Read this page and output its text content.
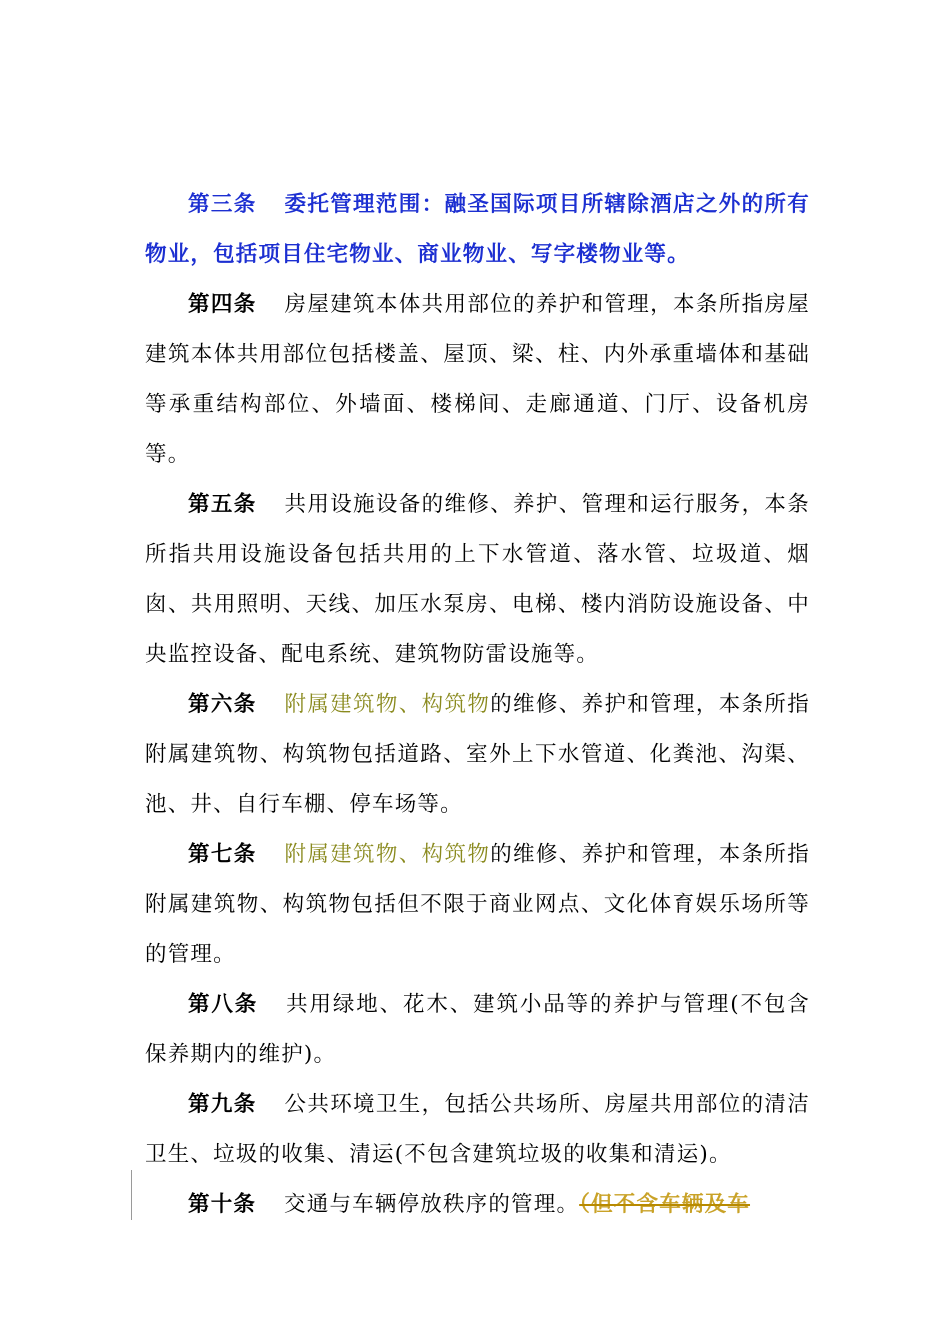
第三条 委托管理范围：融圣国际项目所辖除酒店之外的所有物业，包括项目住宅物业、商业物业、写字楼物业等。

第四条 房屋建筑本体共用部位的养护和管理，本条所指房屋建筑本体共用部位包括楼盖、屋顶、梁、柱、内外承重墙体和基础等承重结构部位、外墙面、楼梯间、走廊通道、门厅、设备机房等。

第五条 共用设施设备的维修、养护、管理和运行服务，本条所指共用设施设备包括共用的上下水管道、落水管、垃圾道、烟囱、共用照明、天线、加压水泵房、电梯、楼内消防设施设备、中央监控设备、配电系统、建筑物防雷设施等。

第六条 附属建筑物、构筑物的维修、养护和管理，本条所指附属建筑物、构筑物包括道路、室外上下水管道、化粪池、沟渠、池、井、自行车棚、停车场等。

第七条 附属建筑物、构筑物的维修、养护和管理，本条所指附属建筑物、构筑物包括但不限于商业网点、文化体育娱乐场所等的管理。

第八条 共用绿地、花木、建筑小品等的养护与管理(不包含保养期内的维护)。

第九条 公共环境卫生，包括公共场所、房屋共用部位的清洁卫生、垃圾的收集、清运(不包含建筑垃圾的收集和清运)。

第十条 交通与车辆停放秩序的管理。（但不含车辆及车
